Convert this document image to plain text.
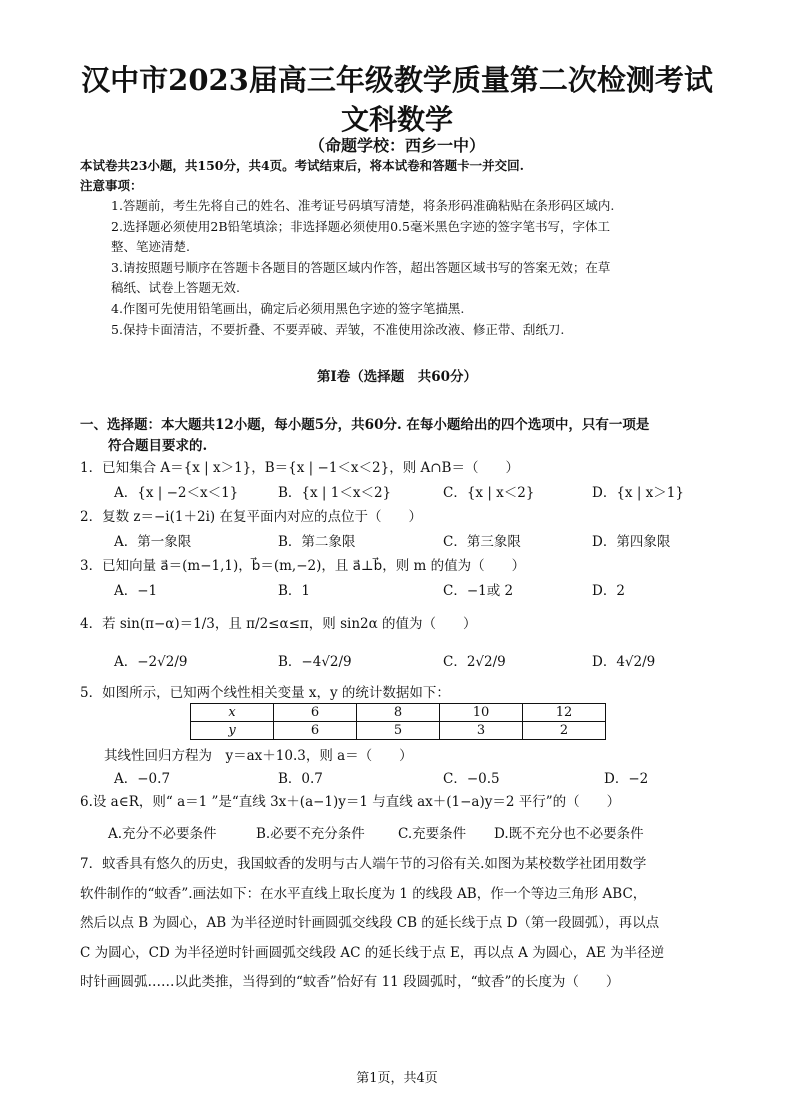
汉中市2023届高三年级教学质量第二次检测考试
文科数学
（命题学校：西乡一中）
本试卷共23小题，共150分，共4页。考试结束后，将本试卷和答题卡一并交回.
注意事项：
1.答题前，考生先将自己的姓名、准考证号码填写清楚，将条形码准确粘贴在条形码区域内.
2.选择题必须使用2B铅笔填涂；非选择题必须使用0.5毫米黑色字迹的签字笔书写，字体工
整、笔迹清楚.
3.请按照题号顺序在答题卡各题目的答题区域内作答，超出答题区域书写的答案无效；在草
稿纸、试卷上答题无效.
4.作图可先使用铅笔画出，确定后必须用黑色字迹的签字笔描黑.
5.保持卡面清洁，不要折叠、不要弄破、弄皱，不准使用涂改液、修正带、刮纸刀.
第Ⅰ卷（选择题　共60分）
一、选择题：本大题共12小题，每小题5分，共60分. 在每小题给出的四个选项中，只有一项是
符合题目要求的.
1．已知集合 A＝{x | x＞1}，B＝{x | −1＜x＜2}，则 A∩B＝（　　）
A．{x | −2＜x＜1}	B．{x | 1＜x＜2}	C．{x | x＜2}	D．{x | x＞1}
2．复数 z＝−i(1＋2i) 在复平面内对应的点位于（　　）
A．第一象限	B．第二象限	C．第三象限	D．第四象限
3．已知向量 a⃗＝(m−1,1)，b⃗＝(m,−2)，且 a⃗⊥b⃗，则 m 的值为（　　）
A．−1	B．1	C．−1或 2	D．2
4．若 sin(π−α)＝1/3，且 π/2≤α≤π，则 sin2α 的值为（　　）
A．−2√2/9	B．−4√2/9	C．2√2/9	D．4√2/9
5．如图所示，已知两个线性相关变量 x，y 的统计数据如下：
x	6	8	10	12
y	6	5	3	2
其线性回归方程为　y＝ax＋10.3，则 a＝（　　）
A．−0.7	B．0.7	C．−0.5	D．−2
6.设 a∈R，则“ a＝1 ”是“直线 3x＋(a−1)y＝1 与直线 ax＋(1−a)y＝2 平行”的（　　）
A.充分不必要条件	B.必要不充分条件 C.充要条件 D.既不充分也不必要条件
7．蚊香具有悠久的历史，我国蚊香的发明与古人端午节的习俗有关.如图为某校数学社团用数学
软件制作的“蚊香”.画法如下：在水平直线上取长度为 1 的线段 AB，作一个等边三角形 ABC，
然后以点 B 为圆心，AB 为半径逆时针画圆弧交线段 CB 的延长线于点 D（第一段圆弧），再以点
C 为圆心，CD 为半径逆时针画圆弧交线段 AC 的延长线于点 E，再以点 A 为圆心，AE 为半径逆
时针画圆弧……以此类推，当得到的“蚊香”恰好有 11 段圆弧时，“蚊香”的长度为（　　）
第1页，共4页
